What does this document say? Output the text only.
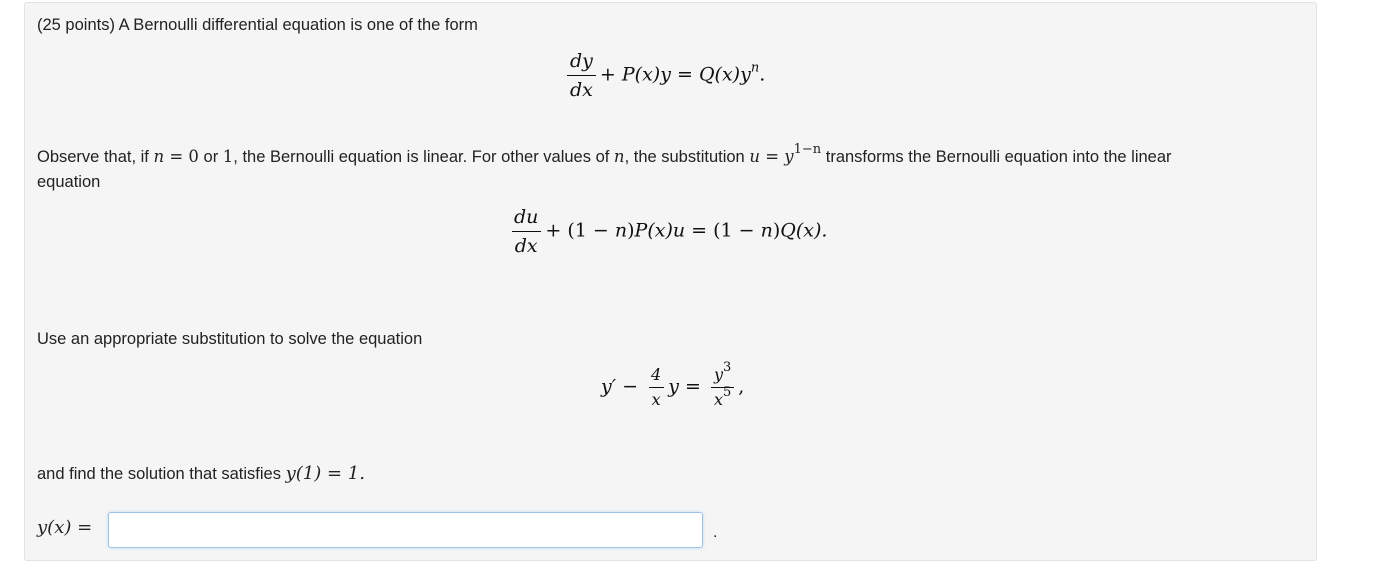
(25 points) A Bernoulli differential equation is one of the form
$\frac{dy}{dx} + P(x)y = Q(x)y^n$.
Observe that, if n = 0 or 1, the Bernoulli equation is linear. For other values of n, the substitution $u = y^{1-n}$ transforms the Bernoulli equation into the linear
equation
$\frac{du}{dx} + (1 - n)P(x)u = (1 - n)Q(x)$.
Use an appropriate substitution to solve the equation
$y' - \frac{4}{x}$ $y = \frac{y^3}{x^5}$ ,
and find the solution that satisfies y(1) = 1.
y(x) =	.
